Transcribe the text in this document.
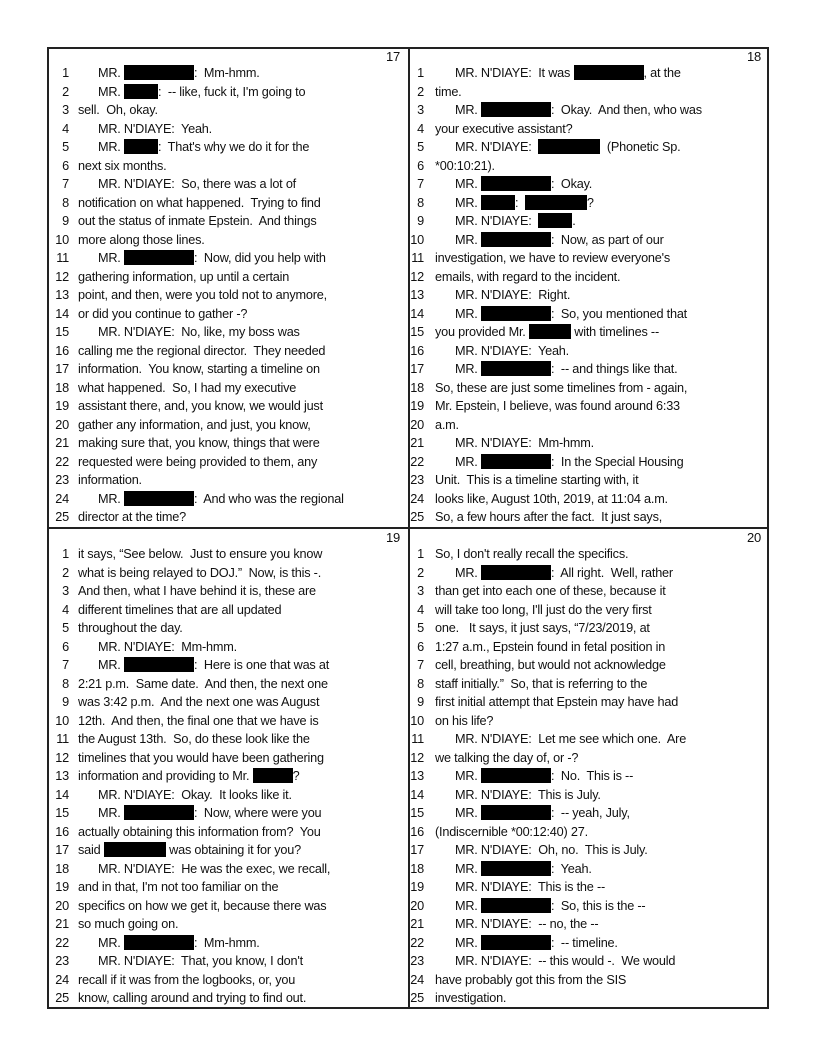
17
1 MR.	:  Mm-hmm.
2 MR.	:  -- like, fuck it, I'm going to
3 sell.  Oh, okay.
4 MR. N'DIAYE:  Yeah.
5 MR.	:  That's why we do it for the
6 next six months.
7 MR. N'DIAYE:  So, there was a lot of
8 notification on what happened.  Trying to find
9 out the status of inmate Epstein.  And things
10 more along those lines.
11 MR.	:  Now, did you help with
12 gathering information, up until a certain
13 point, and then, were you told not to anymore,
14 or did you continue to gather -?
15 MR. N'DIAYE:  No, like, my boss was
16 calling me the regional director.  They needed
17 information.  You know, starting a timeline on
18 what happened.  So, I had my executive
19 assistant there, and, you know, we would just
20 gather any information, and just, you know,
21 making sure that, you know, things that were
22 requested were being provided to them, any
23 information.
24 MR.	:  And who was the regional
25 director at the time?
18
1 MR. N'DIAYE:  It was	, at the
2 time.
3 MR.	:  Okay.  And then, who was
4 your executive assistant?
5 MR. N'DIAYE:	(Phonetic Sp.
6 *00:10:21).
7 MR.	:  Okay.
8 MR.	:	?
9 MR. N'DIAYE:	.
10 MR.	:  Now, as part of our
11 investigation, we have to review everyone's
12 emails, with regard to the incident.
13 MR. N'DIAYE:  Right.
14 MR.	:  So, you mentioned that
15 you provided Mr.	with timelines --
16 MR. N'DIAYE:  Yeah.
17 MR.	:  -- and things like that.
18 So, these are just some timelines from - again,
19 Mr. Epstein, I believe, was found around 6:33
20 a.m.
21 MR. N'DIAYE:  Mm-hmm.
22 MR.	:  In the Special Housing
23 Unit.  This is a timeline starting with, it
24 looks like, August 10th, 2019, at 11:04 a.m.
25 So, a few hours after the fact.  It just says,
19
1 it says, “See below.  Just to ensure you know
2 what is being relayed to DOJ.”  Now, is this -.
3 And then, what I have behind it is, these are
4 different timelines that are all updated
5 throughout the day.
6 MR. N'DIAYE:  Mm-hmm.
7 MR.	:  Here is one that was at
8 2:21 p.m.  Same date.  And then, the next one
9 was 3:42 p.m.  And the next one was August
10 12th.  And then, the final one that we have is
11 the August 13th.  So, do these look like the
12 timelines that you would have been gathering
13 information and providing to Mr.	?
14 MR. N'DIAYE:  Okay.  It looks like it.
15 MR.	:  Now, where were you
16 actually obtaining this information from?  You
17 said	was obtaining it for you?
18 MR. N'DIAYE:  He was the exec, we recall,
19 and in that, I'm not too familiar on the
20 specifics on how we get it, because there was
21 so much going on.
22 MR.	:  Mm-hmm.
23 MR. N'DIAYE:  That, you know, I don't
24 recall if it was from the logbooks, or, you
25 know, calling around and trying to find out.
20
1 So, I don't really recall the specifics.
2 MR.	:  All right.  Well, rather
3 than get into each one of these, because it
4 will take too long, I'll just do the very first
5 one.   It says, it just says, “7/23/2019, at
6 1:27 a.m., Epstein found in fetal position in
7 cell, breathing, but would not acknowledge
8 staff initially.”  So, that is referring to the
9 first initial attempt that Epstein may have had
10 on his life?
11 MR. N'DIAYE:  Let me see which one.  Are
12 we talking the day of, or -?
13 MR.	:  No.  This is --
14 MR. N'DIAYE:  This is July.
15 MR.	:  -- yeah, July,
16 (Indiscernible *00:12:40) 27.
17 MR. N'DIAYE:  Oh, no.  This is July.
18 MR.	:  Yeah.
19 MR. N'DIAYE:  This is the --
20 MR.	:  So, this is the --
21 MR. N'DIAYE:  -- no, the --
22 MR.	:  -- timeline.
23 MR. N'DIAYE:  -- this would -.  We would
24 have probably got this from the SIS
25 investigation.
